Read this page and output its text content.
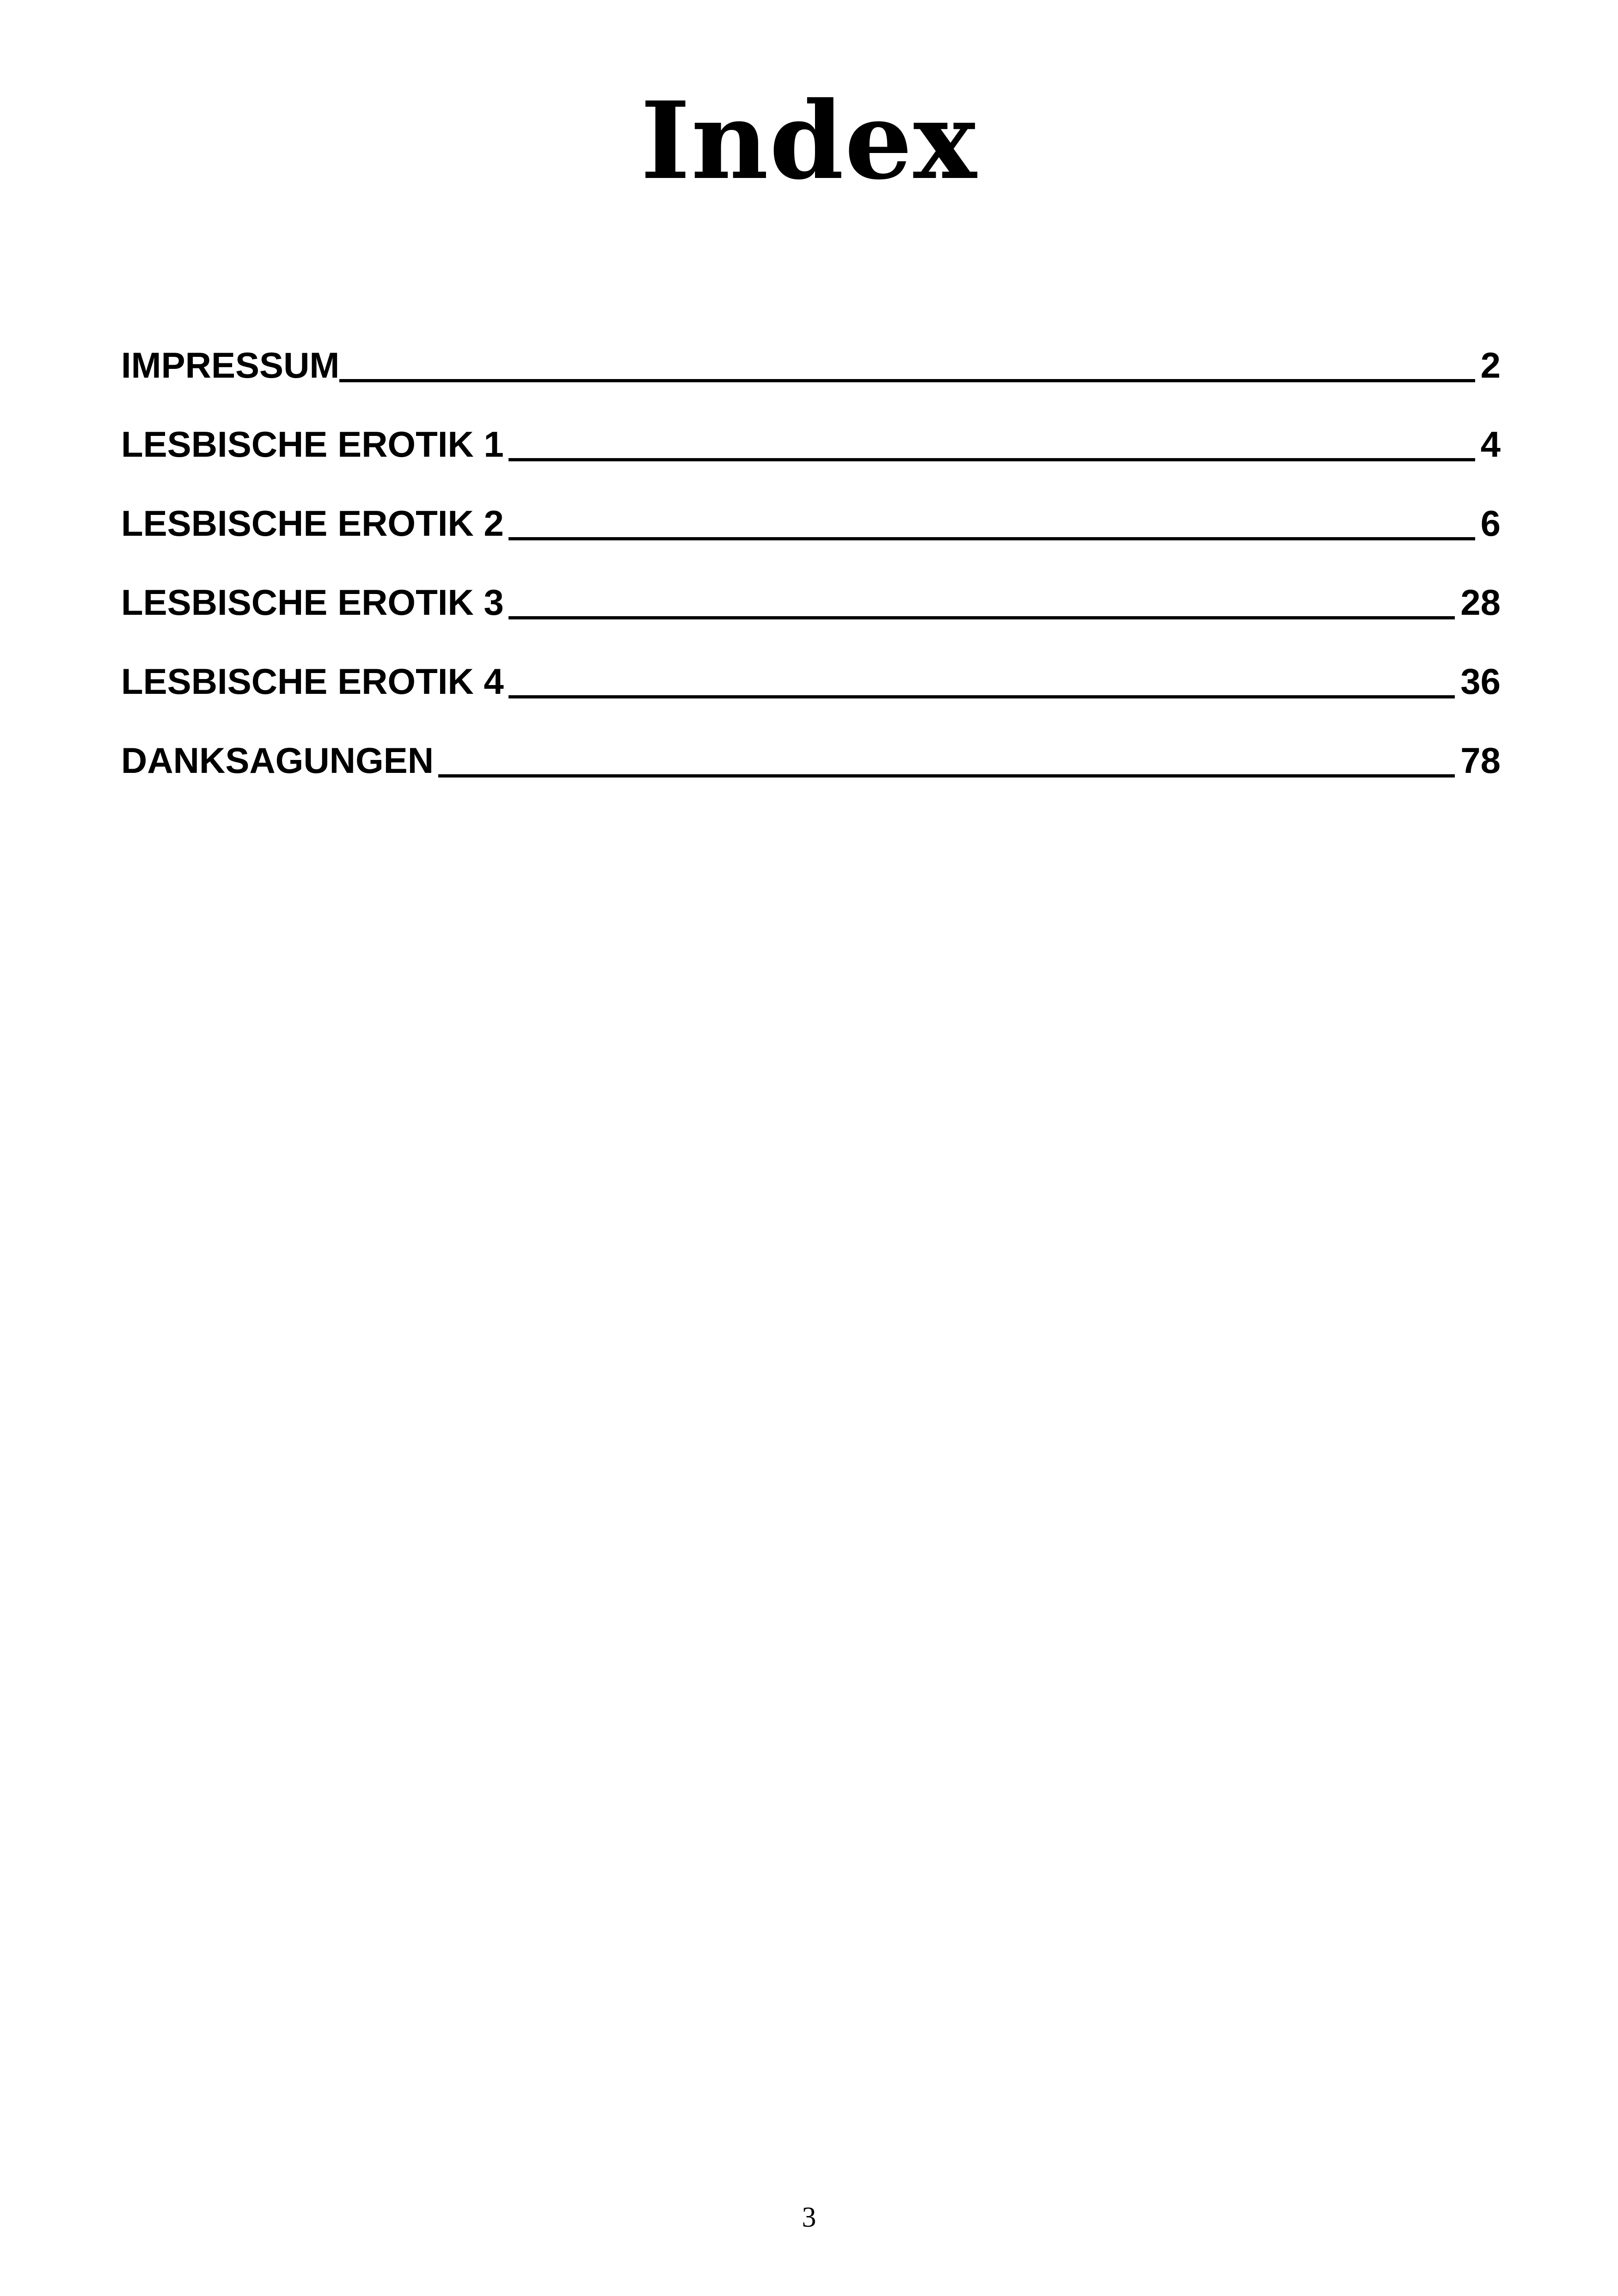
Index
IMPRESSUM	2
LESBISCHE EROTIK 1	4
LESBISCHE EROTIK 2	6
LESBISCHE EROTIK 3	28
LESBISCHE EROTIK 4	36
DANKSAGUNGEN	78
3
